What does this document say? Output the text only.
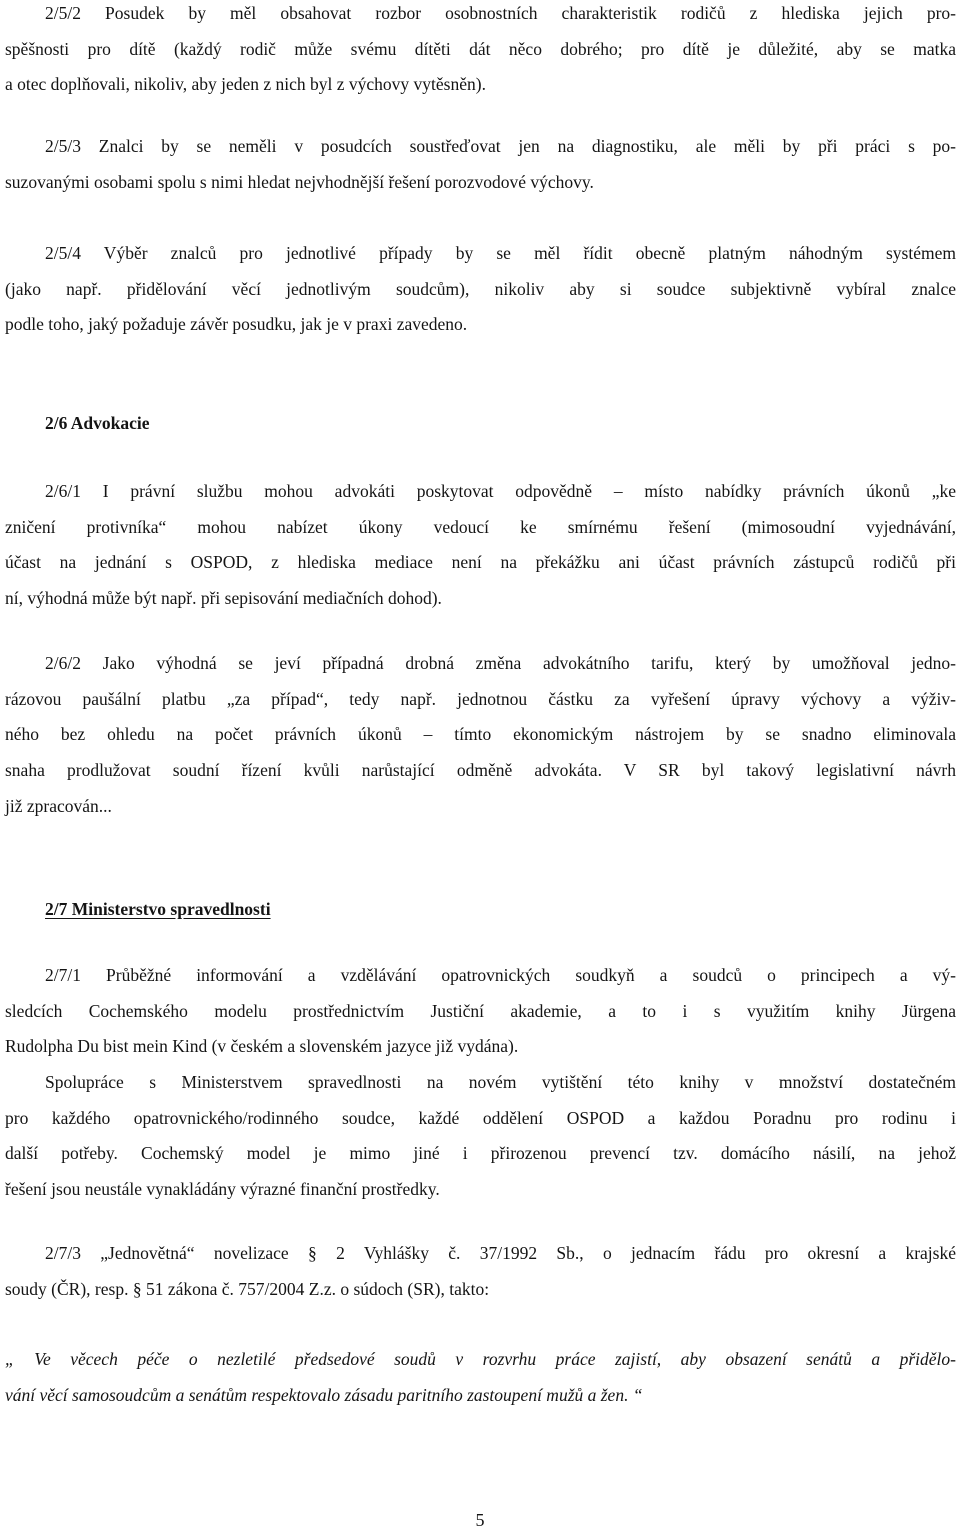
2/5/2 Posudek by měl obsahovat rozbor osobnostních charakteristik rodičů z hlediska jejich pro-
spěšnosti pro dítě (každý rodič může svému dítěti dát něco dobrého; pro dítě je důležité, aby se matka
a otec doplňovali, nikoliv, aby jeden z nich byl z výchovy vytěsněn).
2/5/3 Znalci by se neměli v posudcích soustřeďovat jen na diagnostiku, ale měli by při práci s po-
suzovanými osobami spolu s nimi hledat nejvhodnější řešení porozvodové výchovy.
2/5/4 Výběr znalců pro jednotlivé případy by se měl řídit obecně platným náhodným systémem
(jako např. přidělování věcí jednotlivým soudcům), nikoliv aby si soudce subjektivně vybíral znalce
podle toho, jaký požaduje závěr posudku, jak je v praxi zavedeno.
2/6 Advokacie
2/6/1 I právní službu mohou advokáti poskytovat odpovědně – místo nabídky právních úkonů „ke
zničení protivníka“ mohou nabízet úkony vedoucí ke smírnému řešení (mimosoudní vyjednávání,
účast na jednání s OSPOD, z hlediska mediace není na překážku ani účast právních zástupců rodičů při
ní, výhodná může být např. při sepisování mediačních dohod).
2/6/2 Jako výhodná se jeví případná drobná změna advokátního tarifu, který by umožňoval jedno-
rázovou paušální platbu „za případ“, tedy např. jednotnou částku za vyřešení úpravy výchovy a výživ-
ného bez ohledu na počet právních úkonů – tímto ekonomickým nástrojem by se snadno eliminovala
snaha prodlužovat soudní řízení kvůli narůstající odměně advokáta. V SR byl takový legislativní návrh
již zpracován...
2/7 Ministerstvo spravedlnosti
2/7/1 Průběžné informování a vzdělávání opatrovnických soudkyň a soudců o principech a vý-
sledcích Cochemského modelu prostřednictvím Justiční akademie, a to i s využitím knihy Jürgena
Rudolpha Du bist mein Kind (v českém a slovenském jazyce již vydána).
Spolupráce s Ministerstvem spravedlnosti na novém vytištění této knihy v množství dostatečném
pro každého opatrovnického/rodinného soudce, každé oddělení OSPOD a každou Poradnu pro rodinu i
další potřeby. Cochemský model je mimo jiné i přirozenou prevencí tzv. domácího násilí, na jehož
řešení jsou neustále vynakládány výrazné finanční prostředky.
2/7/3 „Jednovětná“ novelizace § 2 Vyhlášky č. 37/1992 Sb., o jednacím řádu pro okresní a krajské
soudy (ČR), resp. § 51 zákona č. 757/2004 Z.z. o súdoch (SR), takto:
„ Ve věcech péče o nezletilé předsedové soudů v rozvrhu práce zajistí, aby obsazení senátů a přidělo-
vání věcí samosoudcům a senátům respektovalo zásadu paritního zastoupení mužů a žen. “
5
